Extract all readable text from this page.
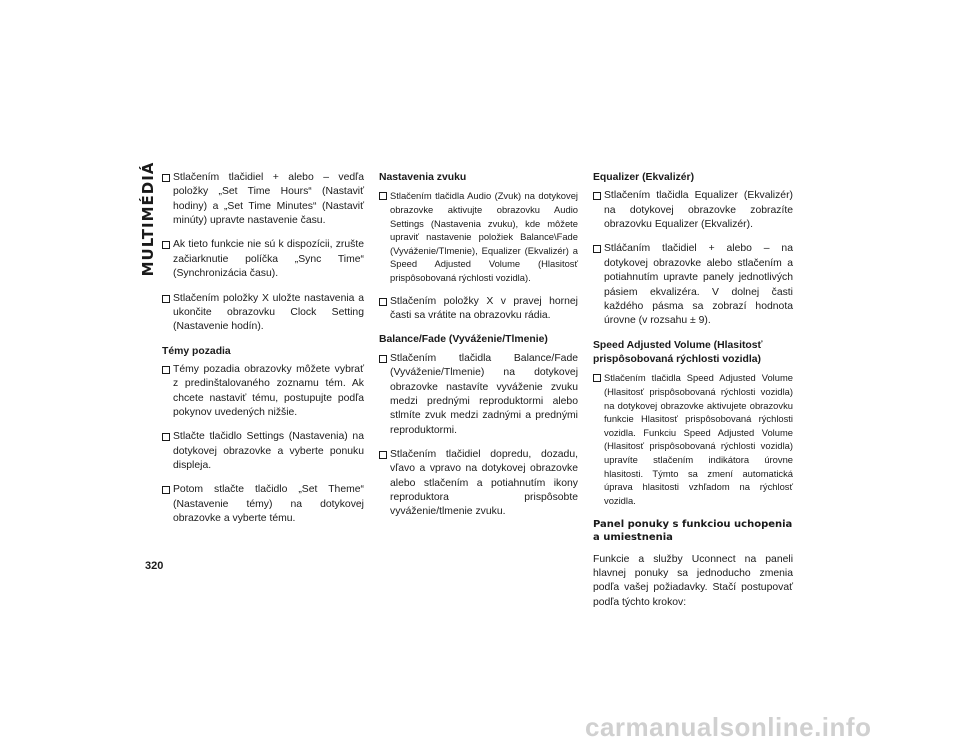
MULTIMÉDIÁ	Stlačením tlačidiel + alebo – vedľa položky „Set Time Hours“ (Nastaviť hodiny) a „Set Time Minutes“ (Nastaviť minúty) upravte nastavenie času.
Ak tieto funkcie nie sú k dispozícii, zrušte začiarknutie políčka „Sync Time“ (Synchronizácia času).
Stlačením položky X uložte nastavenia a ukončite obrazovku Clock Setting (Nastavenie hodín).
Témy pozadia
Témy pozadia obrazovky môžete vybrať z predinštalovaného zoznamu tém. Ak chcete nastaviť tému, postupujte podľa pokynov uvedených nižšie.
Stlačte tlačidlo Settings (Nastavenia) na dotykovej obrazovke a vyberte ponuku displeja.
Potom stlačte tlačidlo „Set Theme“ (Nastavenie témy) na dotykovej obrazovke a vyberte tému.
Nastavenia zvuku
Stlačením tlačidla Audio (Zvuk) na dotykovej obrazovke aktivujte obrazovku Audio Settings (Nastavenia zvuku), kde môžete upraviť nastavenie položiek Balance\Fade (Vyváženie/Tlmenie), Equalizer (Ekvalizér) a Speed Adjusted Volume (Hlasitosť prispôsobovaná rýchlosti vozidla).
Stlačením položky X v pravej hornej časti sa vrátite na obrazovku rádia.
Balance/Fade (Vyváženie/Tlmenie)
Stlačením tlačidla Balance/Fade (Vyváženie/Tlmenie) na dotykovej obrazovke nastavíte vyváženie zvuku medzi prednými reproduktormi alebo stlmíte zvuk medzi zadnými a prednými reproduktormi.
Stlačením tlačidiel dopredu, dozadu, vľavo a vpravo na dotykovej obrazovke alebo stlačením a potiahnutím ikony reproduktora prispôsobte vyváženie/tlmenie zvuku.
Equalizer (Ekvalizér)
Stlačením tlačidla Equalizer (Ekvalizér) na dotykovej obrazovke zobrazíte obrazovku Equalizer (Ekvalizér).
Stláčaním tlačidiel + alebo – na dotykovej obrazovke alebo stlačením a potiahnutím upravte panely jednotlivých pásiem ekvalizéra. V dolnej časti každého pásma sa zobrazí hodnota úrovne (v rozsahu ± 9).
Speed Adjusted Volume (Hlasitosť prispôsobovaná rýchlosti vozidla)
Stlačením tlačidla Speed Adjusted Volume (Hlasitosť prispôsobovaná rýchlosti vozidla) na dotykovej obrazovke aktivujete obrazovku funkcie Hlasitosť prispôsobovaná rýchlosti vozidla. Funkciu Speed Adjusted Volume (Hlasitosť prispôsobovaná rýchlosti vozidla) upravíte stlačením indikátora úrovne hlasitosti. Týmto sa zmení automatická úprava hlasitosti vzhľadom na rýchlosť vozidla.
Panel ponuky s funkciou uchopenia
a umiestnenia

Funkcie a služby Uconnect na paneli hlavnej ponuky sa jednoducho zmenia podľa vašej požiadavky. Stačí postupovať podľa týchto krokov:

320
carmanualsonline.info
